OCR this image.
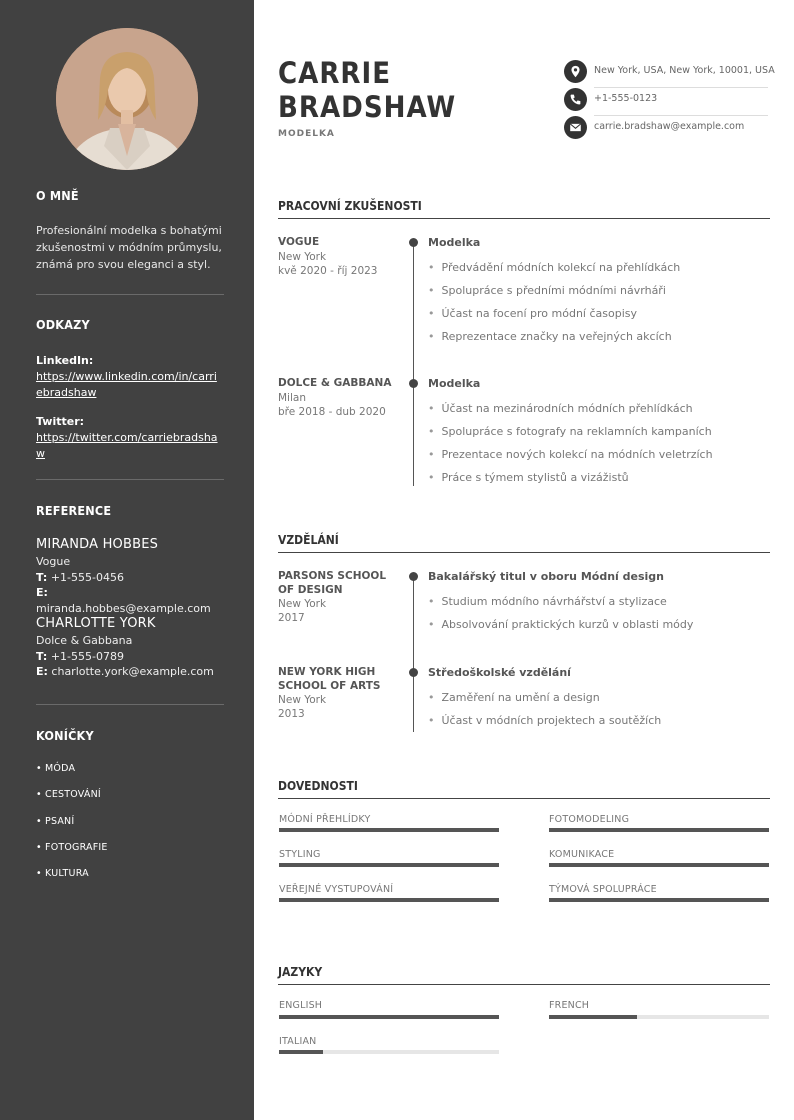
O MNĚ
Profesionální modelka s bohatými
zkušenostmi v módním průmyslu,
známá pro svou eleganci a styl.
ODKAZY
LinkedIn:
https://www.linkedin.com/in/carriebradshaw
Twitter:
https://twitter.com/carriebradshaw
REFERENCE
MIRANDA HOBBES
Vogue
T: +1-555-0456
E: miranda.hobbes@example.com
CHARLOTTE YORK
Dolce & Gabbana
T: +1-555-0789
E: charlotte.york@example.com
KONÍČKY
• MÓDA
• CESTOVÁNÍ
• PSANÍ
• FOTOGRAFIE
• KULTURA
CARRIE
BRADSHAW
MODELKA
New York, USA, New York, 10001, USA
+1-555-0123
carrie.bradshaw@example.com
PRACOVNÍ ZKUŠENOSTI
VOGUE
New York
kvě 2020 - říj 2023
Modelka
• Předvádění módních kolekcí na přehlídkách
• Spolupráce s předními módními návrháři
• Účast na focení pro módní časopisy
• Reprezentace značky na veřejných akcích
DOLCE & GABBANA
Milan
bře 2018 - dub 2020
Modelka
• Účast na mezinárodních módních přehlídkách
• Spolupráce s fotografy na reklamních kampaních
• Prezentace nových kolekcí na módních veletrzích
• Práce s týmem stylistů a vizážistů
VZDĚLÁNÍ
PARSONS SCHOOL
OF DESIGN
New York
2017
Bakalářský titul v oboru Módní design
• Studium módního návrhářství a stylizace
• Absolvování praktických kurzů v oblasti módy
NEW YORK HIGH
SCHOOL OF ARTS
New York
2013
Středoškolské vzdělání
• Zaměření na umění a design
• Účast v módních projektech a soutěžích
DOVEDNOSTI
MÓDNÍ PŘEHLÍDKY	FOTOMODELING
STYLING	KOMUNIKACE
VEŘEJNÉ VYSTUPOVÁNÍ	TÝMOVÁ SPOLUPRÁCE
JAZYKY
ENGLISH	FRENCH
ITALIAN
